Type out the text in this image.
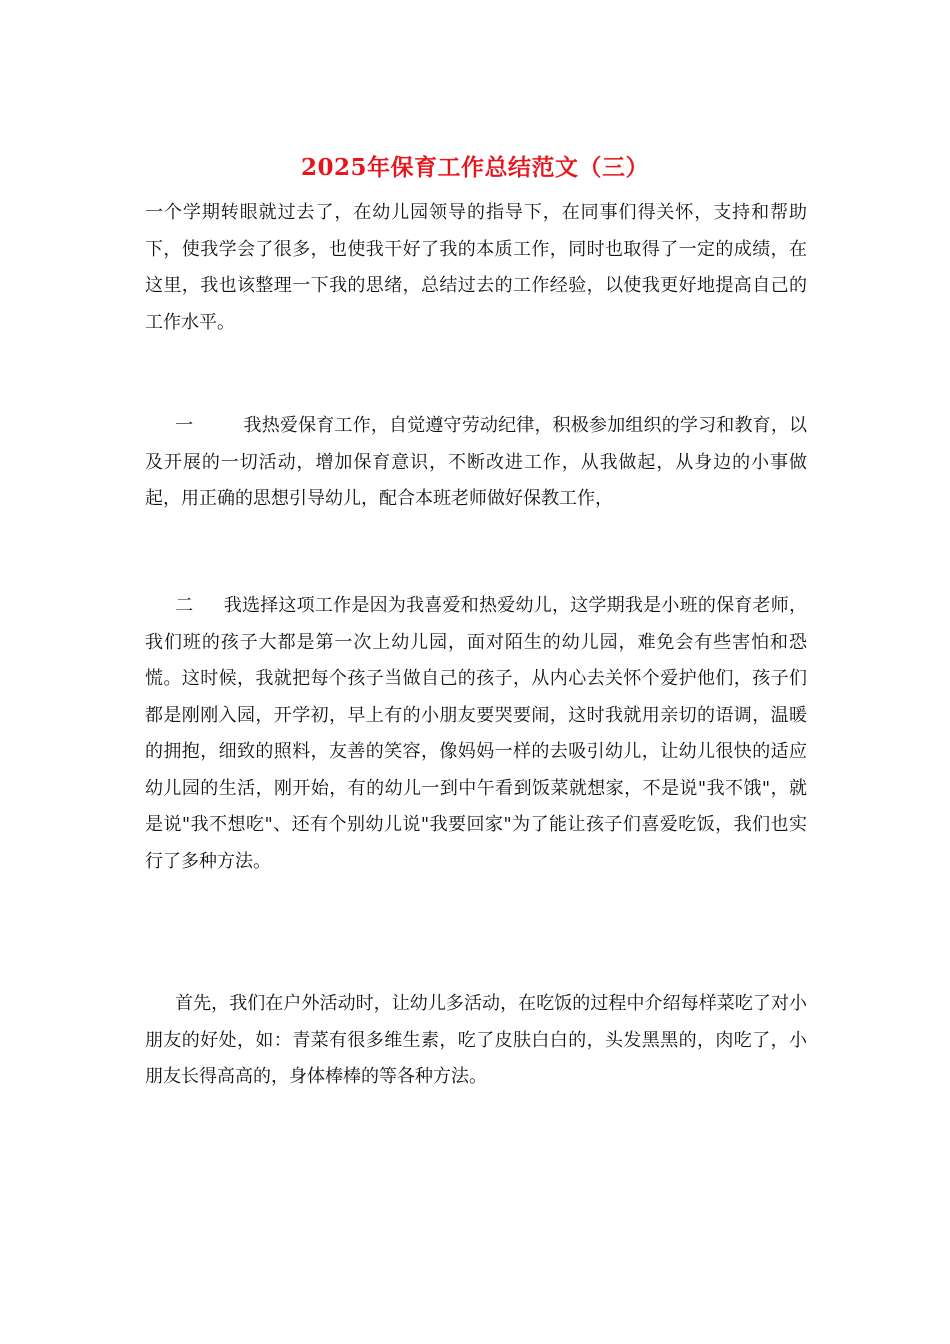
2025年保育工作总结范文（三）

一个学期转眼就过去了，在幼儿园领导的指导下，在同事们得关怀，支持和帮助下，使我学会了很多，也使我干好了我的本质工作，同时也取得了一定的成绩，在这里，我也该整理一下我的思绪，总结过去的工作经验，以使我更好地提高自己的工作水平。

一	我热爱保育工作，自觉遵守劳动纪律，积极参加组织的学习和教育，以及开展的一切活动，增加保育意识，不断改进工作，从我做起，从身边的小事做起，用正确的思想引导幼儿，配合本班老师做好保教工作，

二 我选择这项工作是因为我喜爱和热爱幼儿，这学期我是小班的保育老师，我们班的孩子大都是第一次上幼儿园，面对陌生的幼儿园，难免会有些害怕和恐慌。这时候，我就把每个孩子当做自己的孩子，从内心去关怀个爱护他们，孩子们都是刚刚入园，开学初，早上有的小朋友要哭要闹，这时我就用亲切的语调，温暖的拥抱，细致的照料，友善的笑容，像妈妈一样的去吸引幼儿，让幼儿很快的适应幼儿园的生活，刚开始，有的幼儿一到中午看到饭菜就想家，不是说"我不饿"，就是说"我不想吃"、还有个别幼儿说"我要回家"为了能让孩子们喜爱吃饭，我们也实行了多种方法。

首先，我们在户外活动时，让幼儿多活动，在吃饭的过程中介绍每样菜吃了对小朋友的好处，如：青菜有很多维生素，吃了皮肤白白的，头发黑黑的，肉吃了，小朋友长得高高的，身体棒棒的等各种方法。
